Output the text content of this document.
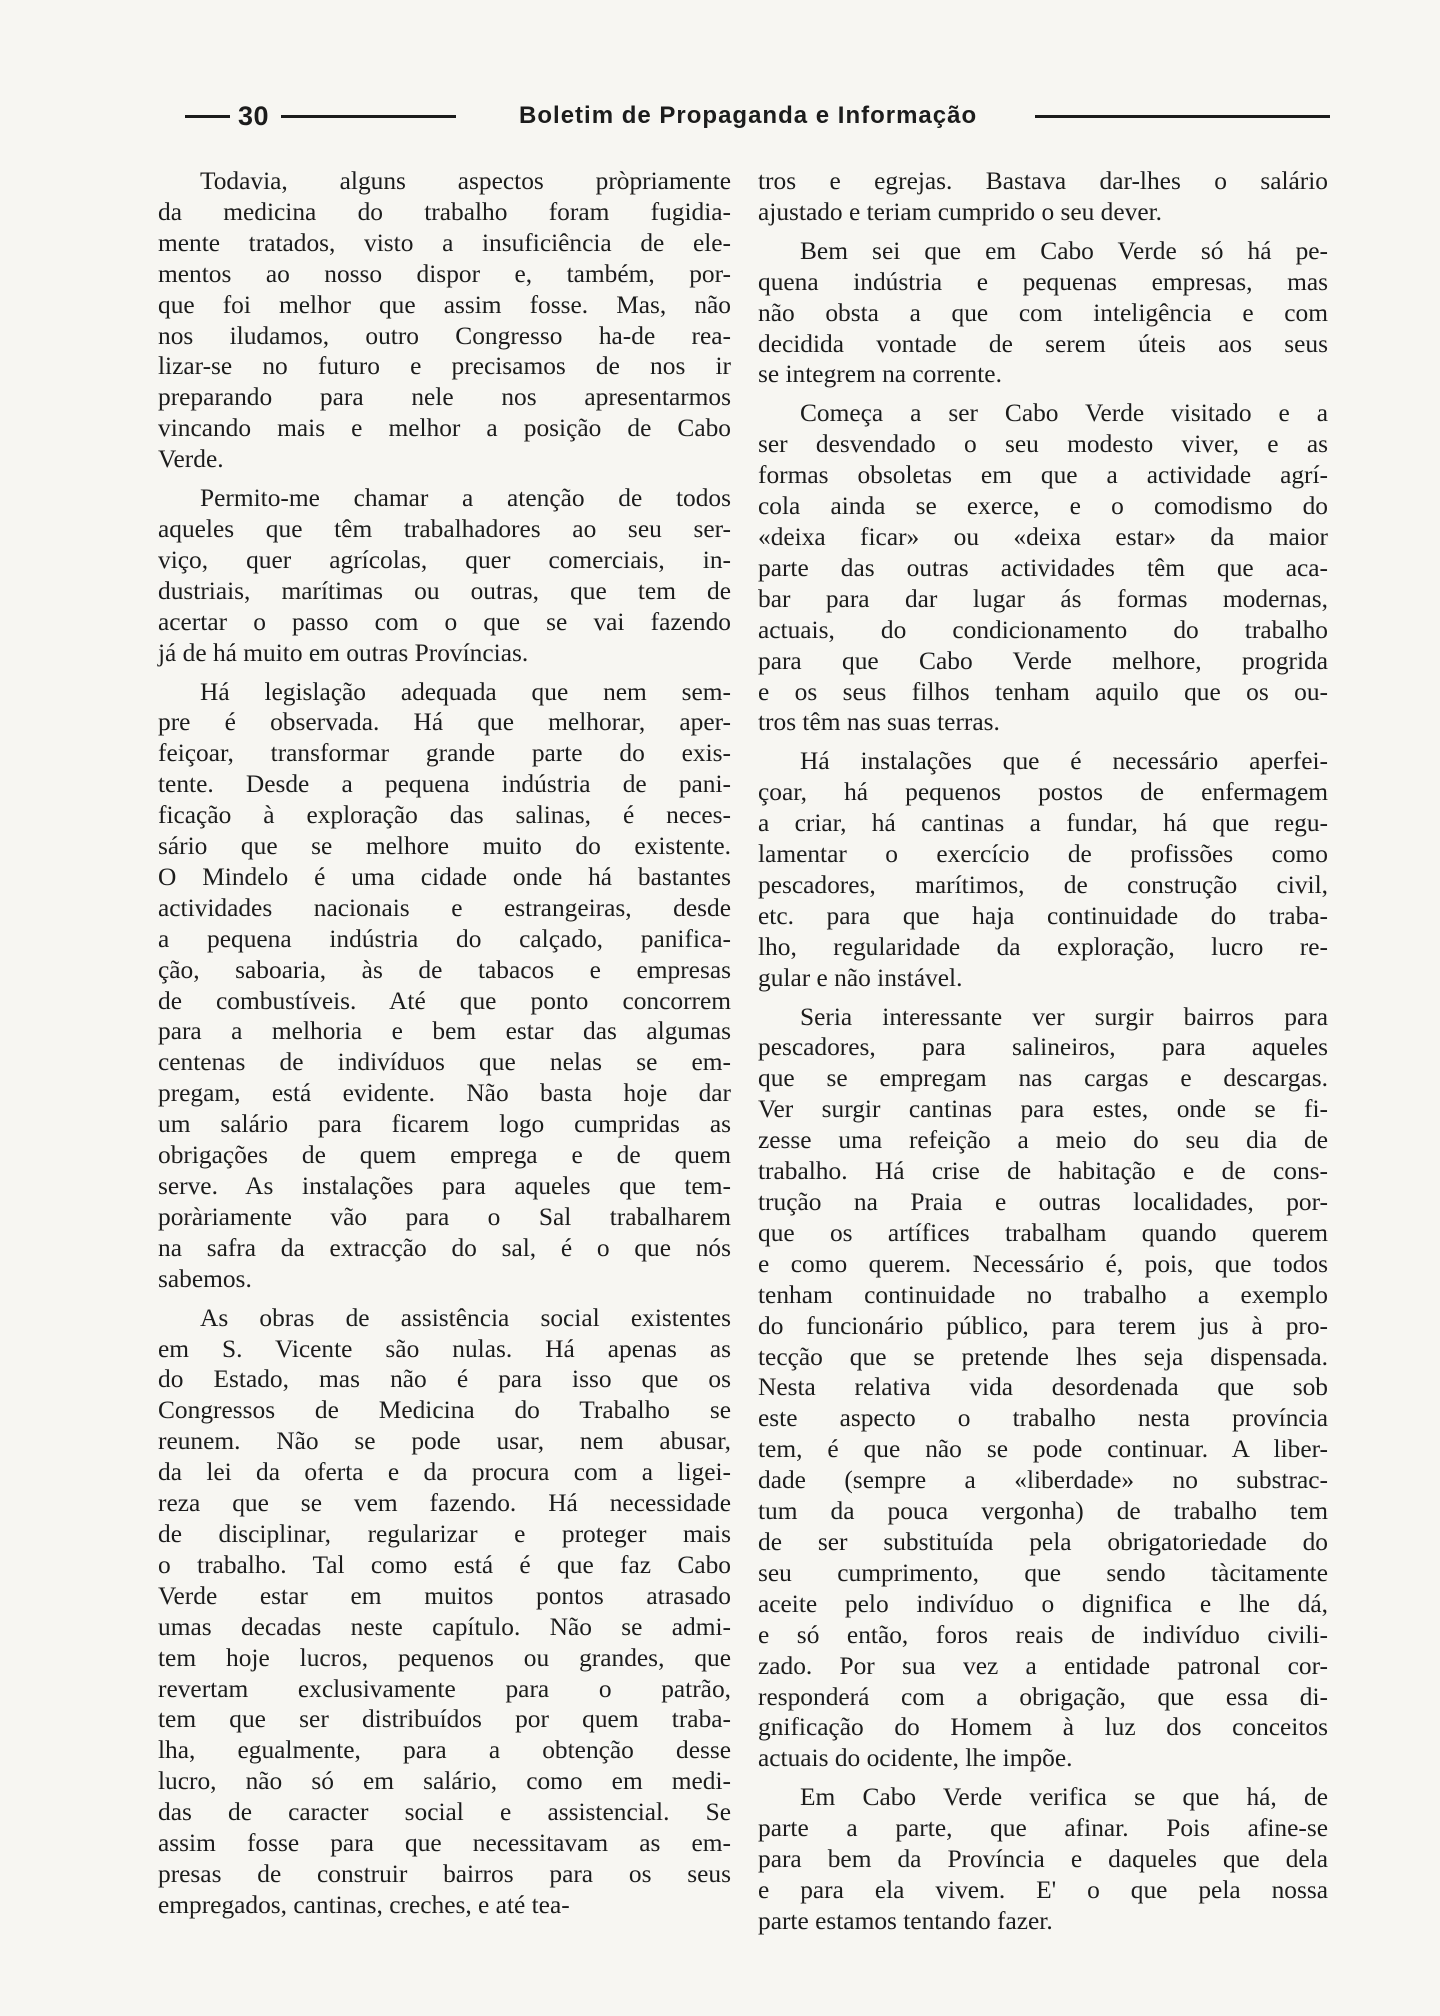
30	Boletim de Propaganda e Informação

Todavia, alguns aspectos pròpriamente
da medicina do trabalho foram fugidia-
mente tratados, visto a insuficiência de ele-
mentos ao nosso dispor e, também, por-
que foi melhor que assim fosse. Mas, não
nos iludamos, outro Congresso ha-de rea-
lizar-se no futuro e precisamos de nos ir
preparando para nele nos apresentarmos
vincando mais e melhor a posição de Cabo
Verde.

Permito-me chamar a atenção de todos
aqueles que têm trabalhadores ao seu ser-
viço, quer agrícolas, quer comerciais, in-
dustriais, marítimas ou outras, que tem de
acertar o passo com o que se vai fazendo
já de há muito em outras Províncias.

Há legislação adequada que nem sem-
pre é observada. Há que melhorar, aper-
feiçoar, transformar grande parte do exis-
tente. Desde a pequena indústria de pani-
ficação à exploração das salinas, é neces-
sário que se melhore muito do existente.
O Mindelo é uma cidade onde há bastantes
actividades nacionais e estrangeiras, desde
a pequena indústria do calçado, panifica-
ção, saboaria, às de tabacos e empresas
de combustíveis. Até que ponto concorrem
para a melhoria e bem estar das algumas
centenas de indivíduos que nelas se em-
pregam, está evidente. Não basta hoje dar
um salário para ficarem logo cumpridas as
obrigações de quem emprega e de quem
serve. As instalações para aqueles que tem-
poràriamente vão para o Sal trabalharem
na safra da extracção do sal, é o que nós
sabemos.

As obras de assistência social existentes
em S. Vicente são nulas. Há apenas as
do Estado, mas não é para isso que os
Congressos de Medicina do Trabalho se
reunem. Não se pode usar, nem abusar,
da lei da oferta e da procura com a ligei-
reza que se vem fazendo. Há necessidade
de disciplinar, regularizar e proteger mais
o trabalho. Tal como está é que faz Cabo
Verde estar em muitos pontos atrasado
umas decadas neste capítulo. Não se admi-
tem hoje lucros, pequenos ou grandes, que
revertam exclusivamente para o patrão,
tem que ser distribuídos por quem traba-
lha, egualmente, para a obtenção desse
lucro, não só em salário, como em medi-
das de caracter social e assistencial. Se
assim fosse para que necessitavam as em-
presas de construir bairros para os seus
empregados, cantinas, creches, e até tea-

tros e egrejas. Bastava dar-lhes o salário
ajustado e teriam cumprido o seu dever.

Bem sei que em Cabo Verde só há pe-
quena indústria e pequenas empresas, mas
não obsta a que com inteligência e com
decidida vontade de serem úteis aos seus
se integrem na corrente.

Começa a ser Cabo Verde visitado e a
ser desvendado o seu modesto viver, e as
formas obsoletas em que a actividade agrí-
cola ainda se exerce, e o comodismo do
«deixa ficar» ou «deixa estar» da maior
parte das outras actividades têm que aca-
bar para dar lugar ás formas modernas,
actuais, do condicionamento do trabalho
para que Cabo Verde melhore, progrida
e os seus filhos tenham aquilo que os ou-
tros têm nas suas terras.

Há instalações que é necessário aperfei-
çoar, há pequenos postos de enfermagem
a criar, há cantinas a fundar, há que regu-
lamentar o exercício de profissões como
pescadores, marítimos, de construção civil,
etc. para que haja continuidade do traba-
lho, regularidade da exploração, lucro re-
gular e não instável.

Seria interessante ver surgir bairros para
pescadores, para salineiros, para aqueles
que se empregam nas cargas e descargas.
Ver surgir cantinas para estes, onde se fi-
zesse uma refeição a meio do seu dia de
trabalho. Há crise de habitação e de cons-
trução na Praia e outras localidades, por-
que os artífices trabalham quando querem
e como querem. Necessário é, pois, que todos
tenham continuidade no trabalho a exemplo
do funcionário público, para terem jus à pro-
tecção que se pretende lhes seja dispensada.
Nesta relativa vida desordenada que sob
este aspecto o trabalho nesta província
tem, é que não se pode continuar. A liber-
dade (sempre a «liberdade» no substrac-
tum da pouca vergonha) de trabalho tem
de ser substituída pela obrigatoriedade do
seu cumprimento, que sendo tàcitamente
aceite pelo indivíduo o dignifica e lhe dá,
e só então, foros reais de indivíduo civili-
zado. Por sua vez a entidade patronal cor-
responderá com a obrigação, que essa di-
gnificação do Homem à luz dos conceitos
actuais do ocidente, lhe impõe.

Em Cabo Verde verifica se que há, de
parte a parte, que afinar. Pois afine-se
para bem da Província e daqueles que dela
e para ela vivem. E' o que pela nossa
parte estamos tentando fazer.
